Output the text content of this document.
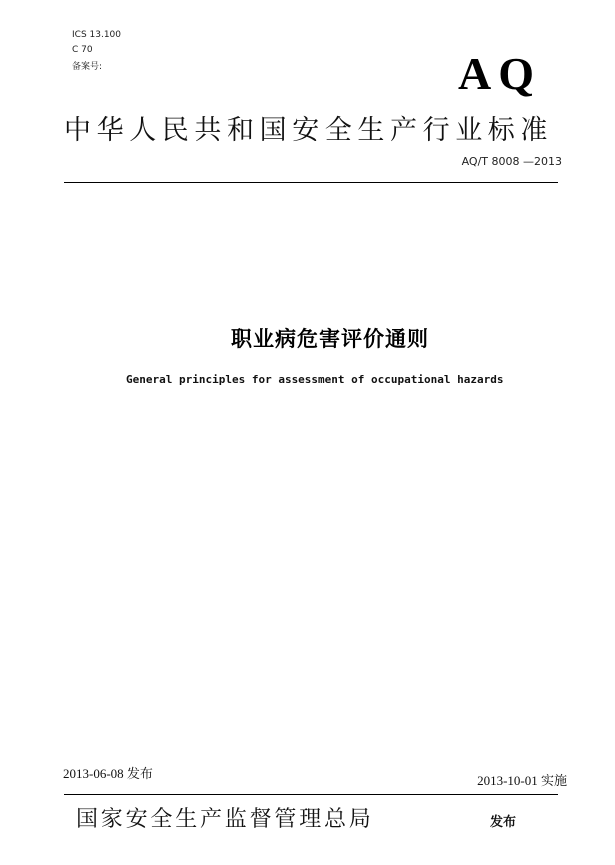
ICS 13.100
C 70
备案号:	AQ
中华人民共和国安全生产行业标准
AQ/T 8008 —2013
职业病危害评价通则
General principles for assessment of occupational hazards
2013-06-08 发布	2013-10-01 实施
国家安全生产监督管理总局	发布
